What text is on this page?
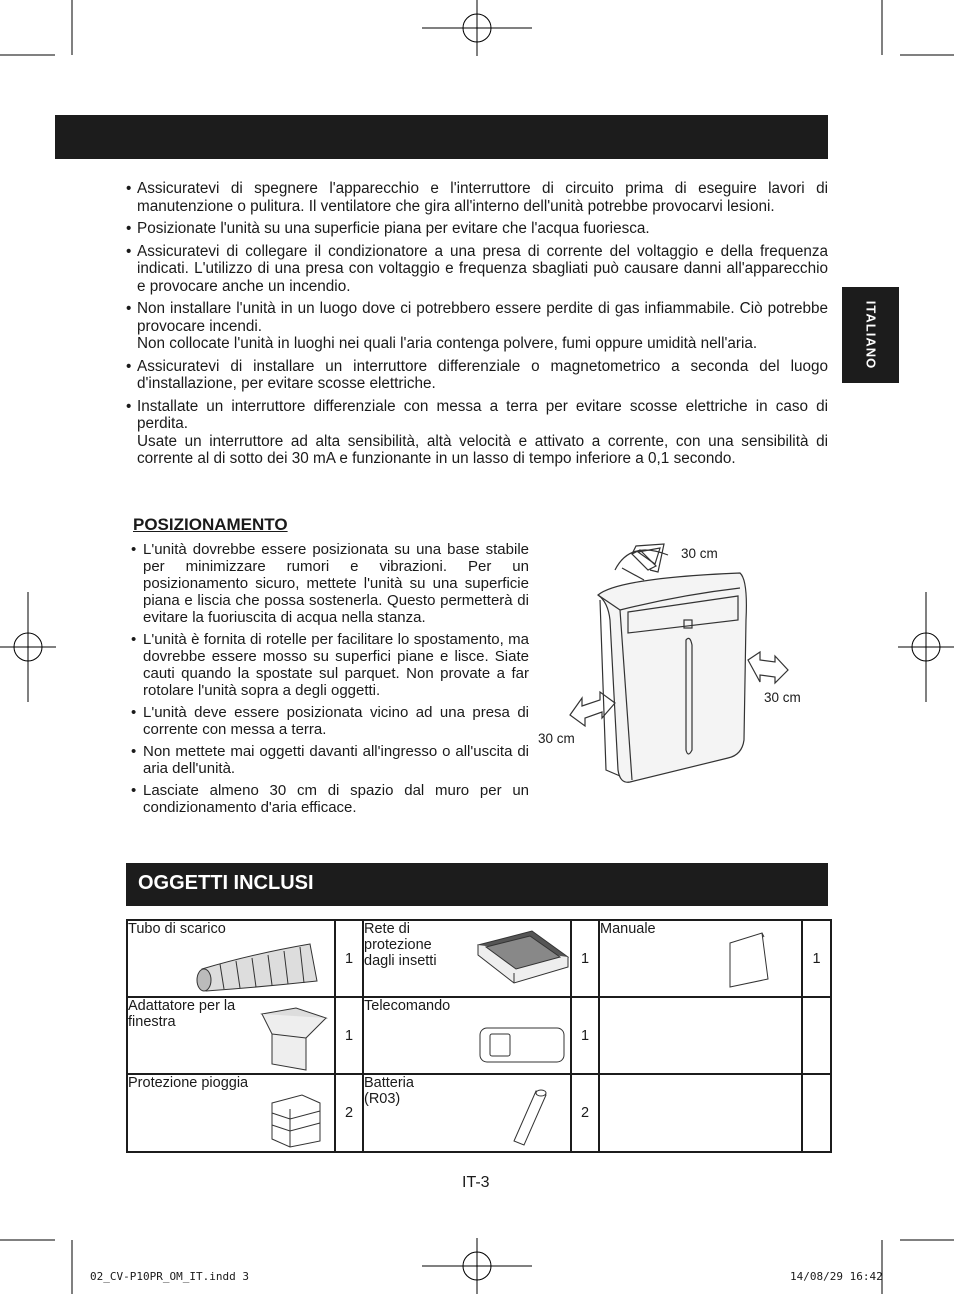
ITALIANO
• Assicuratevi di spegnere l'apparecchio e l'interruttore di circuito prima di eseguire lavori di manutenzione o pulitura. Il ventilatore che gira all'interno dell'unità potrebbe provocarvi lesioni.
• Posizionate l'unità su una superficie piana per evitare che l'acqua fuoriesca.
• Assicuratevi di collegare il condizionatore a una presa di corrente del voltaggio e della frequenza indicati. L'utilizzo di una presa con voltaggio e frequenza sbagliati può causare danni all'apparecchio e provocare anche un incendio.
• Non installare l'unità in un luogo dove ci potrebbero essere perdite di gas infiammabile. Ciò potrebbe provocare incendi.
Non collocate l'unità in luoghi nei quali l'aria contenga polvere, fumi oppure umidità nell'aria.
• Assicuratevi di installare un interruttore differenziale o magnetometrico a seconda del luogo d'installazione, per evitare scosse elettriche.
• Installate un interruttore differenziale con messa a terra per evitare scosse elettriche in caso di perdita.
Usate un interruttore ad alta sensibilità, altà velocità e attivato a corrente, con una sensibilità di corrente al di sotto dei 30 mA e funzionante in un lasso di tempo inferiore a 0,1 secondo.
POSIZIONAMENTO
• L'unità dovrebbe essere posizionata su una base stabile per minimizzare rumori e vibrazioni. Per un posizionamento sicuro, mettete l'unità su una superficie piana e liscia che possa sostenerla. Questo permetterà di evitare la fuoriuscita di acqua nella stanza.
• L'unità è fornita di rotelle per facilitare lo spostamento, ma dovrebbe essere mosso su superfici piane e lisce. Siate cauti quando la spostate sul parquet. Non provate a far rotolare l'unità sopra a degli oggetti.
• L'unità deve essere posizionata vicino ad una presa di corrente con messa a terra.
• Non mettete mai oggetti davanti all'ingresso o all'uscita di aria dell'unità.
• Lasciate almeno 30 cm di spazio dal muro per un condizionamento d'aria efficace.
30 cm
30 cm
30 cm
OGGETTI INCLUSI
Tubo di scarico	1	Rete di protezione dagli insetti	1	Manuale	1

Adattatore per la finestra	1	Telecomando	1		
Protezione pioggia	2	Batteria (R03)	2		
IT-3
02_CV-P10PR_OM_IT.indd 3	14/08/29 16:42
